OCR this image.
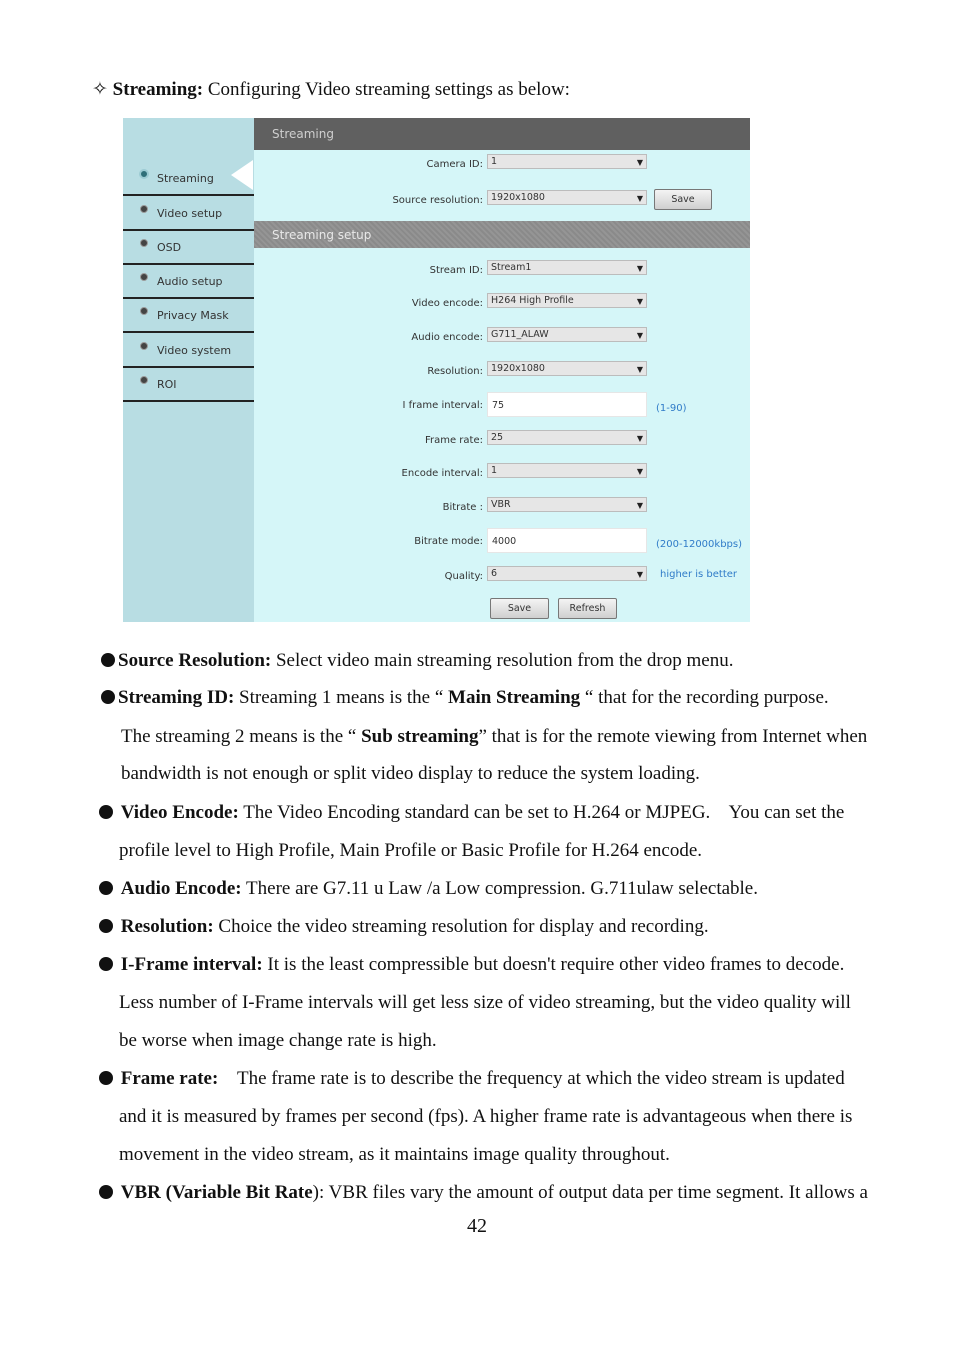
✧ Streaming: Configuring Video streaming settings as below:
Streaming
Video setup
OSD
Audio setup
Privacy Mask
Video system
ROI
Streaming
Camera ID: 1	▼
Source resolution: 1920x1080	▼	Save
Streaming setup
Stream ID: Stream1	▼
Video encode: H264 High Profile	▼
Audio encode: G711_ALAW	▼
Resolution: 1920x1080	▼
I frame interval: 75	(1-90)
Frame rate: 25	▼
Encode interval: 1	▼
Bitrate : VBR	▼
Bitrate mode: 4000	(200-12000kbps)
Quality: 6	▼ higher is better
Save	Refresh
Source Resolution: Select video main streaming resolution from the drop menu.
Streaming ID: Streaming 1 means is the “ Main Streaming “ that for the recording purpose.
The streaming 2 means is the “ Sub streaming” that is for the remote viewing from Internet when
bandwidth is not enough or split video display to reduce the system loading.
Video Encode: The Video Encoding standard can be set to H.264 or MJPEG.    You can set the
profile level to High Profile, Main Profile or Basic Profile for H.264 encode.
Audio Encode: There are G7.11 u Law /a Low compression. G.711ulaw selectable.
Resolution: Choice the video streaming resolution for display and recording.
I-Frame interval: It is the least compressible but doesn't require other video frames to decode.
Less number of I-Frame intervals will get less size of video streaming, but the video quality will
be worse when image change rate is high.
Frame rate:    The frame rate is to describe the frequency at which the video stream is updated
and it is measured by frames per second (fps). A higher frame rate is advantageous when there is
movement in the video stream, as it maintains image quality throughout.
VBR (Variable Bit Rate): VBR files vary the amount of output data per time segment. It allows a
42
